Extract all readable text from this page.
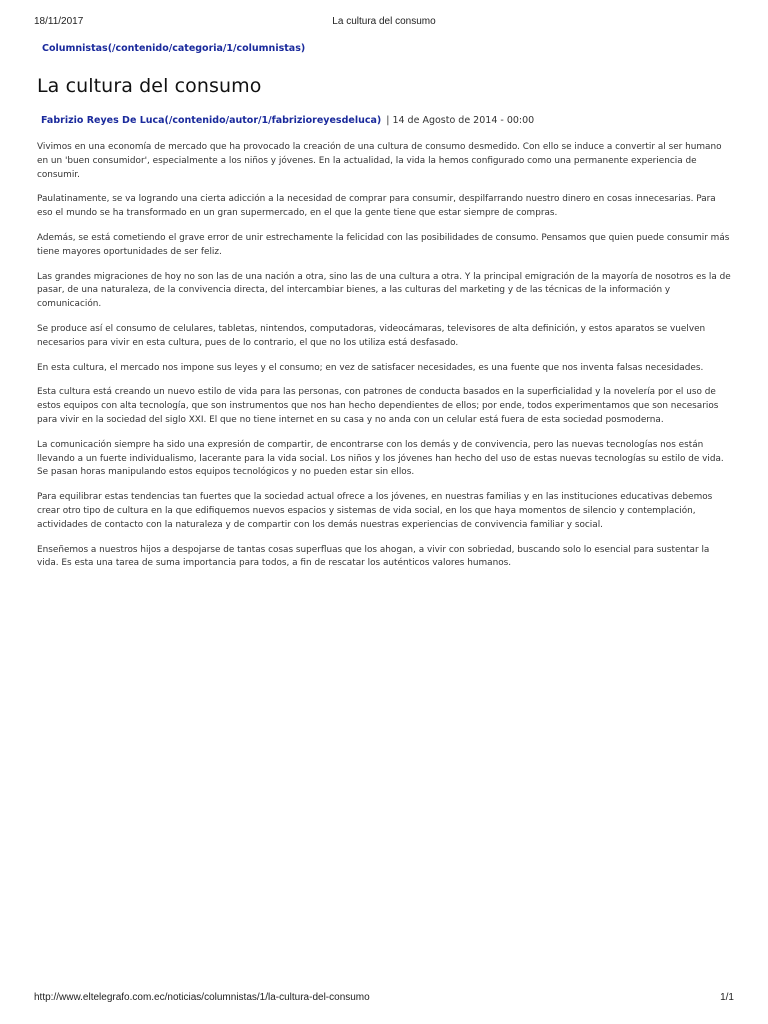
18/11/2017	La cultura del consumo
Columnistas(/contenido/categoria/1/columnistas)
La cultura del consumo
Fabrizio Reyes De Luca(/contenido/autor/1/fabrizioreyesdeluca) | 14 de Agosto de 2014 - 00:00

Vivimos en una economía de mercado que ha provocado la creación de una cultura de consumo desmedido. Con ello se induce a convertir al ser humano en un 'buen consumidor', especialmente a los niños y jóvenes. En la actualidad, la vida la hemos configurado como una permanente experiencia de consumir.

Paulatinamente, se va logrando una cierta adicción a la necesidad de comprar para consumir, despilfarrando nuestro dinero en cosas innecesarias. Para eso el mundo se ha transformado en un gran supermercado, en el que la gente tiene que estar siempre de compras.

Además, se está cometiendo el grave error de unir estrechamente la felicidad con las posibilidades de consumo. Pensamos que quien puede consumir más tiene mayores oportunidades de ser feliz.

Las grandes migraciones de hoy no son las de una nación a otra, sino las de una cultura a otra. Y la principal emigración de la mayoría de nosotros es la de pasar, de una naturaleza, de la convivencia directa, del intercambiar bienes, a las culturas del marketing y de las técnicas de la información y comunicación.

Se produce así el consumo de celulares, tabletas, nintendos, computadoras, videocámaras, televisores de alta definición, y estos aparatos se vuelven necesarios para vivir en esta cultura, pues de lo contrario, el que no los utiliza está desfasado.

En esta cultura, el mercado nos impone sus leyes y el consumo; en vez de satisfacer necesidades, es una fuente que nos inventa falsas necesidades.

Esta cultura está creando un nuevo estilo de vida para las personas, con patrones de conducta basados en la superficialidad y la novelería por el uso de estos equipos con alta tecnología, que son instrumentos que nos han hecho dependientes de ellos; por ende, todos experimentamos que son necesarios para vivir en la sociedad del siglo XXI. El que no tiene internet en su casa y no anda con un celular está fuera de esta sociedad posmoderna.

La comunicación siempre ha sido una expresión de compartir, de encontrarse con los demás y de convivencia, pero las nuevas tecnologías nos están llevando a un fuerte individualismo, lacerante para la vida social. Los niños y los jóvenes han hecho del uso de estas nuevas tecnologías su estilo de vida. Se pasan horas manipulando estos equipos tecnológicos y no pueden estar sin ellos.

Para equilibrar estas tendencias tan fuertes que la sociedad actual ofrece a los jóvenes, en nuestras familias y en las instituciones educativas debemos crear otro tipo de cultura en la que edifiquemos nuevos espacios y sistemas de vida social, en los que haya momentos de silencio y contemplación, actividades de contacto con la naturaleza y de compartir con los demás nuestras experiencias de convivencia familiar y social.

Enseñemos a nuestros hijos a despojarse de tantas cosas superfluas que los ahogan, a vivir con sobriedad, buscando solo lo esencial para sustentar la vida. Es esta una tarea de suma importancia para todos, a fin de rescatar los auténticos valores humanos.

http://www.eltelegrafo.com.ec/noticias/columnistas/1/la-cultura-del-consumo	1/1
